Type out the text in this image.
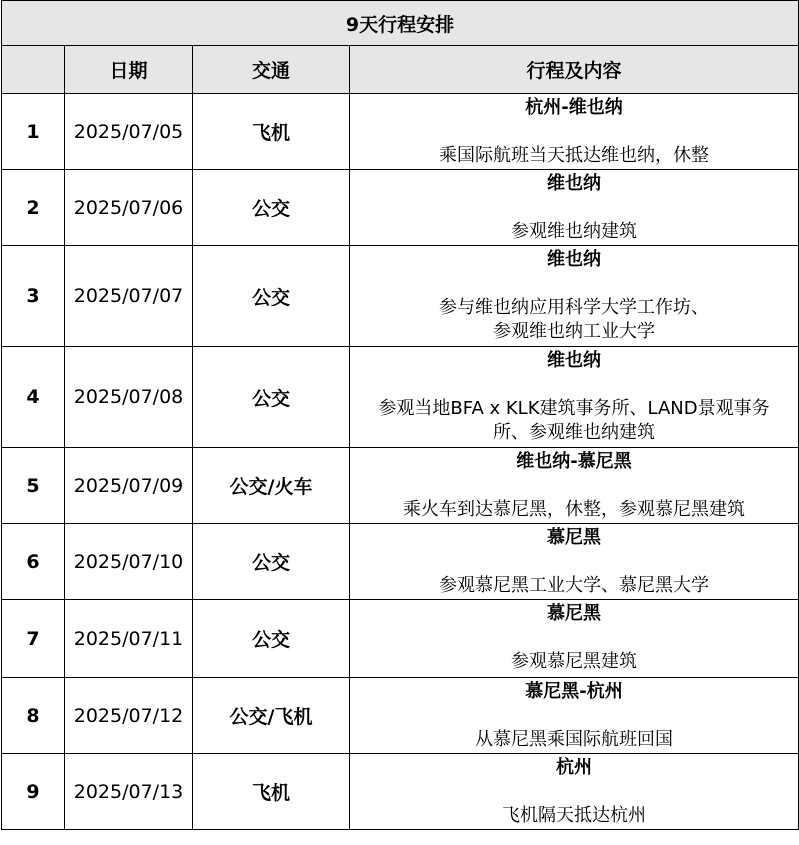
9天行程安排			
	日期	交通	行程及内容
1	2025/07/05	飞机	杭州-维也纳
乘国际航班当天抵达维也纳，休整

2	2025/07/06	公交	维也纳
参观维也纳建筑

3	2025/07/07	公交	维也纳
参与维也纳应用科学大学工作坊、
参观维也纳工业大学

4	2025/07/08	公交	维也纳
参观当地BFA x KLK建筑事务所、LAND景观事务
所、参观维也纳建筑

5	2025/07/09	公交/火车	维也纳-慕尼黑
乘火车到达慕尼黑，休整，参观慕尼黑建筑

6	2025/07/10	公交	慕尼黑
参观慕尼黑工业大学、慕尼黑大学

7	2025/07/11	公交	慕尼黑
参观慕尼黑建筑

8	2025/07/12	公交/飞机	慕尼黑-杭州
从慕尼黑乘国际航班回国

9	2025/07/13	飞机	杭州
飞机隔天抵达杭州
